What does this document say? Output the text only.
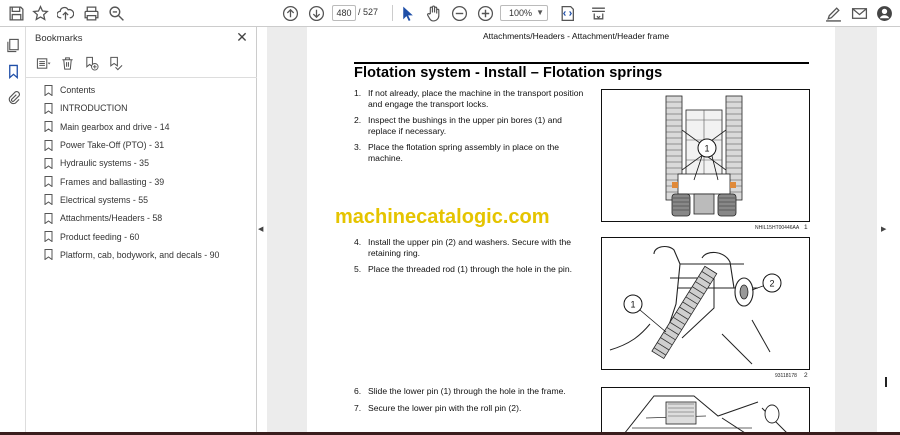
480 / 527	100% ▼
Bookmarks	✕
Contents
INTRODUCTION
Main gearbox and drive - 14
Power Take-Off (PTO) - 31
Hydraulic systems - 35
Frames and ballasting - 39
Electrical systems - 55
Attachments/Headers - 58
Product feeding - 60
Platform, cab, bodywork, and decals - 90
◀
Attachments/Headers - Attachment/Header frame
Flotation system - Install – Flotation springs
1. If not already, place the machine in the transport position and engage the transport locks.
2. Inspect the bushings in the upper pin bores (1) and replace if necessary.
3. Place the flotation spring assembly in place on the machine.
machinecatalogic.com
4. Install the upper pin (2) and washers. Secure with the retaining ring.
5. Place the threaded rod (1) through the hole in the pin.
6. Slide the lower pin (1) through the hole in the frame.
7. Secure the lower pin with the roll pin (2).
1
NHIL15HT00446AA 1
1
2
93118178 2
▶
